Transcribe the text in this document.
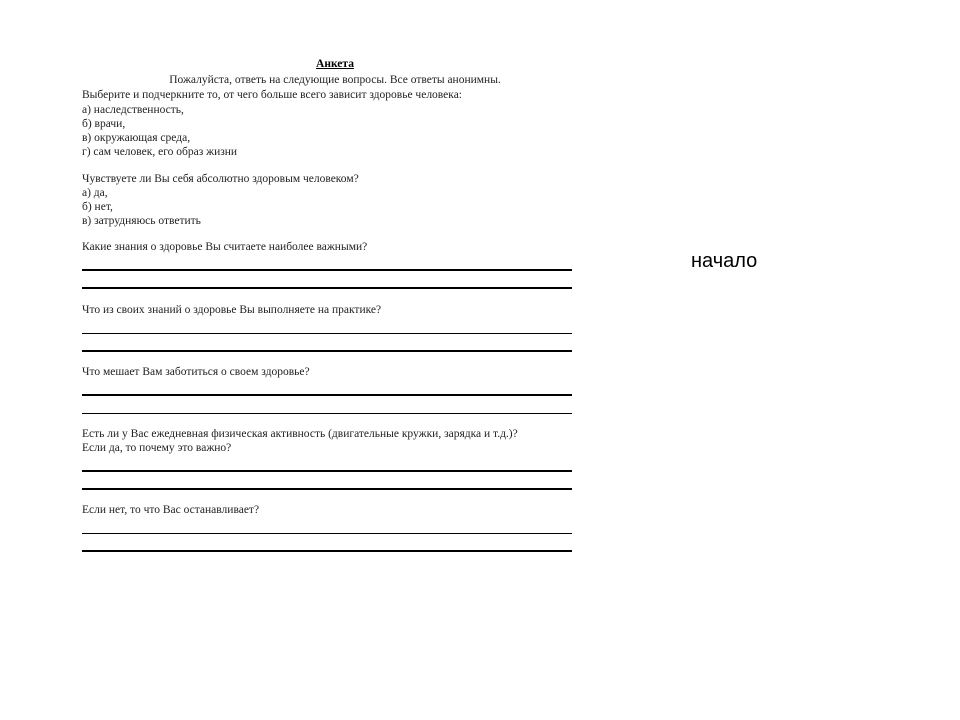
Анкета
Пожалуйста, ответь на следующие вопросы. Все ответы анонимны.
Выберите и подчеркните то, от чего больше всего зависит здоровье человека:
а) наследственность,
б) врачи,
в) окружающая среда,
г) сам человек, его образ жизни
Чувствуете ли Вы себя абсолютно здоровым человеком?
а) да,
б) нет,
в) затрудняюсь ответить
Какие знания о здоровье Вы считаете наиболее важными?
Что из своих знаний о здоровье Вы выполняете на практике?
Что мешает Вам заботиться о своем здоровье?
Есть ли у Вас ежедневная физическая активность (двигательные кружки, зарядка и т.д.)?
Если да, то почему это важно?
Если нет, то что Вас останавливает?
начало
